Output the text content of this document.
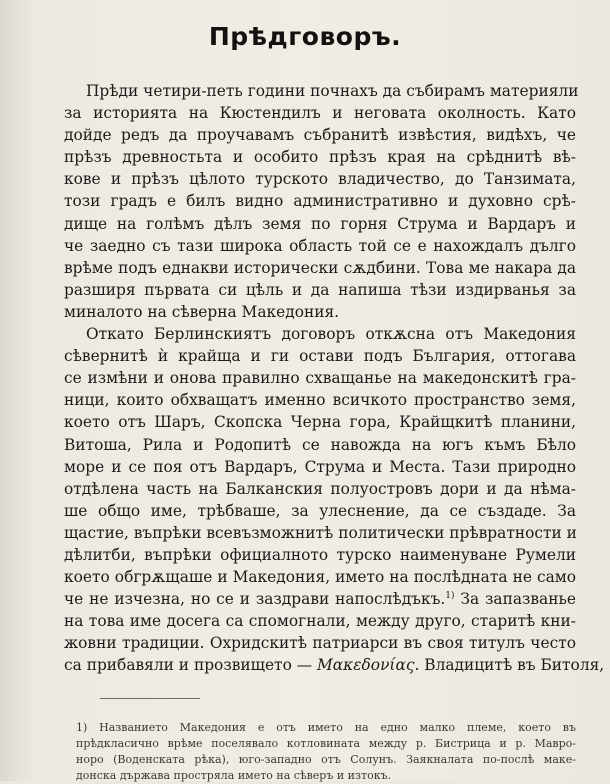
Прѣдговоръ.
Прѣди четири-петь години почнахъ да събирамъ материяли
за историята на Кюстендилъ и неговата околность. Като
дойде редъ да проучавамъ събранитѣ извѣстия, видѣхъ, че
прѣзъ древностьта и особито прѣзъ края на срѣднитѣ вѣ-
кове и прѣзъ цѣлото турското владичество, до Танзимата,
този градъ е билъ видно административно и духовно срѣ-
дище на голѣмъ дѣлъ земя по горня Струма и Вардаръ и
че заедно съ тази широка область той се е нахождалъ дълго
врѣме подъ еднакви исторически сѫдбини. Това ме накара да
разширя първата си цѣль и да напиша тѣзи издирванья за
миналото на сѣверна Македония.
Откато Берлинскиятъ договоръ откѫсна отъ Македония
сѣвернитѣ ѝ крайща и ги остави подъ България, оттогава
се измѣни и онова правилно схващанье на македонскитѣ гра-
ници, които обхващатъ именно всичкото пространство земя,
което отъ Шаръ, Скопска Черна гора, Крайщкитѣ планини,
Витоша, Рила и Родопитѣ се навожда на югъ къмъ Бѣло
море и се поя отъ Вардаръ, Струма и Места. Тази природно
отдѣлена часть на Балканския полуостровъ дори и да нѣма-
ше общо име, трѣбваше, за улеснение, да се създаде. За
щастие, въпрѣки всевъзможнитѣ политически прѣвратности и
дѣлитби, въпрѣки официалното турско наименуване Румели
което обгрѫщаше и Македония, името на послѣдната не само
че не изчезна, но се и заздрави напослѣдъкъ.$^{1)}$ За запазванье
на това име досега са спомогнали, между друго, старитѣ кни-
жовни традиции. Охридскитѣ патриарси въ своя титулъ често
са прибавяли и прозвището — Μακεδονίας. Владицитѣ въ Битоля,
1) Названието Македония е отъ името на едно малко племе, което въ
прѣдкласично врѣме поселявало котловината между р. Бистрица и р. Мавро-
норо (Воденската рѣка), юго-западно отъ Солунъ. Заякналата по-послѣ маке-
донска държава простряла името на сѣверъ и изтокъ.
